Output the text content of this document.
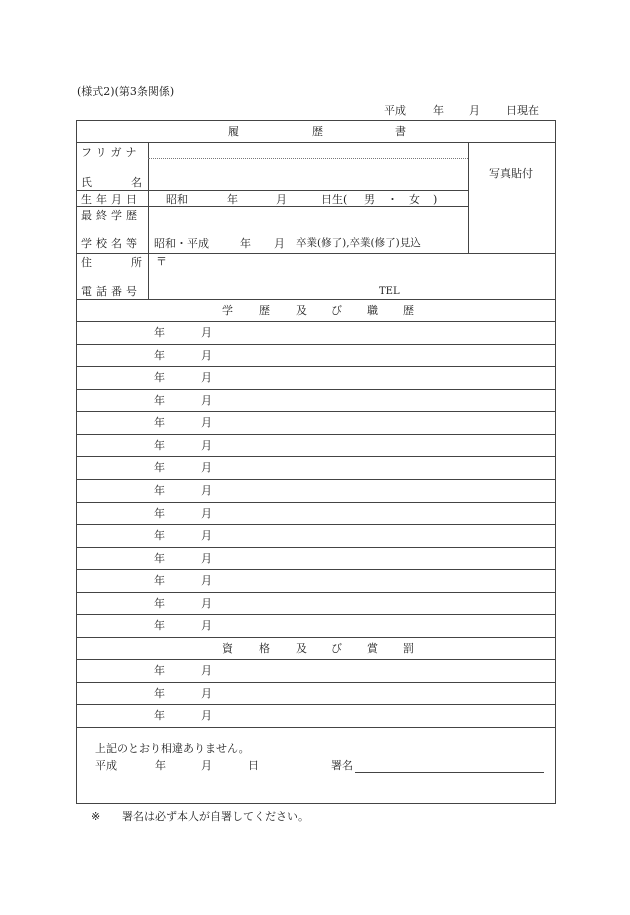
(様式2)(第3条関係)
平成 年 月 日現在
履	歴	書
写真貼付
フリガナ
氏	名
生年月日 昭和	年	月	日生( 男 ・ 女 )
最終学歴
学校名等 昭和・平成	年 月 卒業(修了),卒業(修了)見込
住	所 〒
電話番号	TEL
学 歴 及 び 職 歴
年	月
年	月
年	月
年	月
年	月
年	月
年	月
年	月
年	月
年	月
年	月
年	月
年	月
年	月
資 格 及 び 賞 罰
年	月
年	月
年	月
上記のとおり相違ありません。
平成	年	月	日	署名
※ 署名は必ず本人が自署してください。
